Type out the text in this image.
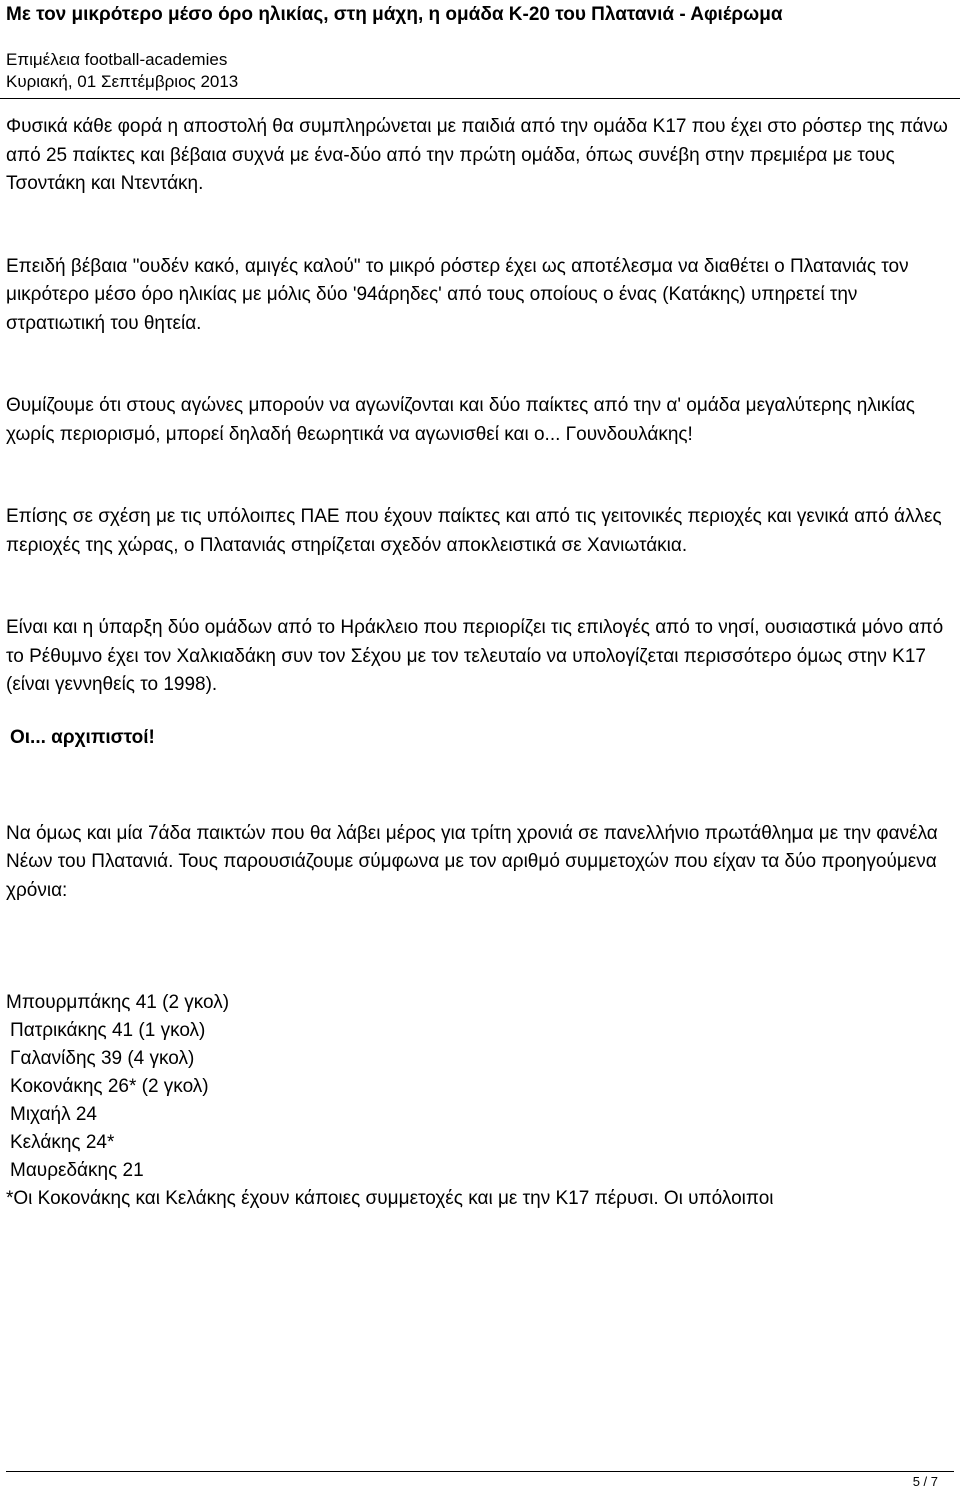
Με τον μικρότερο μέσο όρο ηλικίας, στη μάχη, η ομάδα Κ-20 του Πλατανιά - Αφιέρωμα
Επιμέλεια football-academies
Κυριακή, 01 Σεπτέμβριος 2013

Φυσικά κάθε φορά η αποστολή θα συμπληρώνεται με παιδιά από την ομάδα Κ17 που έχει στο ρόστερ της πάνω από 25 παίκτες και βέβαια συχνά με ένα-δύο από την πρώτη ομάδα, όπως συνέβη στην πρεμιέρα με τους Τσοντάκη και Ντεντάκη.

Επειδή βέβαια "ουδέν κακό, αμιγές καλού" το μικρό ρόστερ έχει ως αποτέλεσμα να διαθέτει ο Πλατανιάς τον μικρότερο μέσο όρο ηλικίας με μόλις δύο '94άρηδες' από τους οποίους ο ένας (Κατάκης) υπηρετεί την στρατιωτική του θητεία.

Θυμίζουμε ότι στους αγώνες μπορούν να αγωνίζονται και δύο παίκτες από την α' ομάδα μεγαλύτερης ηλικίας χωρίς περιορισμό, μπορεί δηλαδή θεωρητικά να αγωνισθεί και ο... Γουνδουλάκης!

Επίσης σε σχέση με τις υπόλοιπες ΠΑΕ που έχουν παίκτες και από τις γειτονικές περιοχές και γενικά από άλλες περιοχές της χώρας, ο Πλατανιάς στηρίζεται σχεδόν αποκλειστικά σε Χανιωτάκια.

Είναι και η ύπαρξη δύο ομάδων από το Ηράκλειο που περιορίζει τις επιλογές από το νησί, ουσιαστικά μόνο από το Ρέθυμνο έχει τον Χαλκιαδάκη συν τον Σέχου με τον τελευταίο να υπολογίζεται περισσότερο όμως στην Κ17 (είναι γεννηθείς το 1998).

Οι... αρχιπιστοί!

Να όμως και μία 7άδα παικτών που θα λάβει μέρος για τρίτη χρονιά σε πανελλήνιο πρωτάθλημα με την φανέλα Νέων του Πλατανιά. Τους παρουσιάζουμε σύμφωνα με τον αριθμό συμμετοχών που είχαν τα δύο προηγούμενα χρόνια:

Μπουρμπάκης 41 (2 γκολ)
Πατρικάκης 41 (1 γκολ)
Γαλανίδης 39 (4 γκολ)
Κοκονάκης 26* (2 γκολ)
Μιχαήλ 24
Κελάκης 24*
Μαυρεδάκης 21
*Οι Κοκονάκης και Κελάκης έχουν κάποιες συμμετοχές και με την Κ17 πέρυσι. Οι υπόλοιποι
5 / 7
